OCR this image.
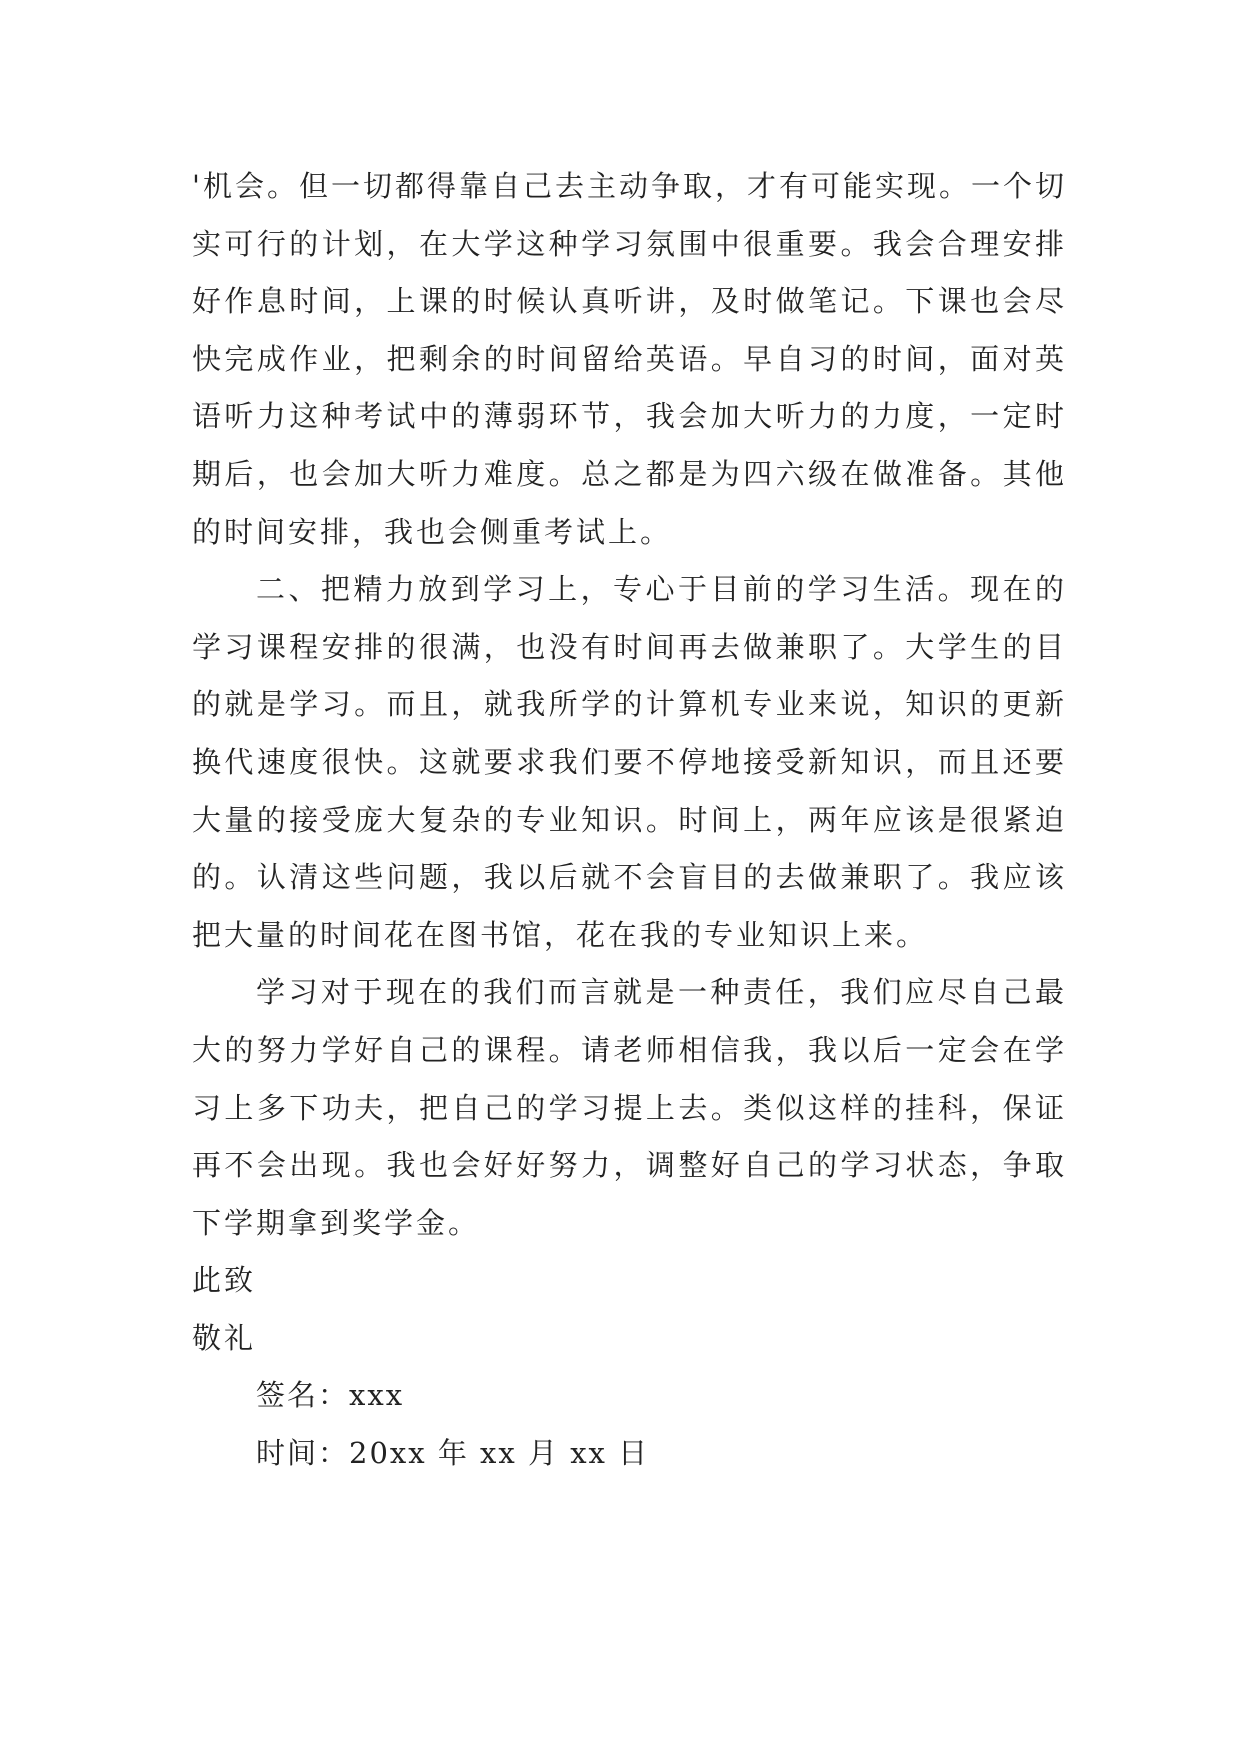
'机会。但一切都得靠自己去主动争取，才有可能实现。一个切实可行的计划，在大学这种学习氛围中很重要。我会合理安排好作息时间，上课的时候认真听讲，及时做笔记。下课也会尽快完成作业，把剩余的时间留给英语。早自习的时间，面对英语听力这种考试中的薄弱环节，我会加大听力的力度，一定时期后，也会加大听力难度。总之都是为四六级在做准备。其他的时间安排，我也会侧重考试上。

二、把精力放到学习上，专心于目前的学习生活。现在的学习课程安排的很满，也没有时间再去做兼职了。大学生的目的就是学习。而且，就我所学的计算机专业来说，知识的更新换代速度很快。这就要求我们要不停地接受新知识，而且还要大量的接受庞大复杂的专业知识。时间上，两年应该是很紧迫的。认清这些问题，我以后就不会盲目的去做兼职了。我应该把大量的时间花在图书馆，花在我的专业知识上来。

学习对于现在的我们而言就是一种责任，我们应尽自己最大的努力学好自己的课程。请老师相信我，我以后一定会在学习上多下功夫，把自己的学习提上去。类似这样的挂科，保证再不会出现。我也会好好努力，调整好自己的学习状态，争取下学期拿到奖学金。

此致

敬礼

签名：xxx

时间：20xx 年 xx 月 xx 日
